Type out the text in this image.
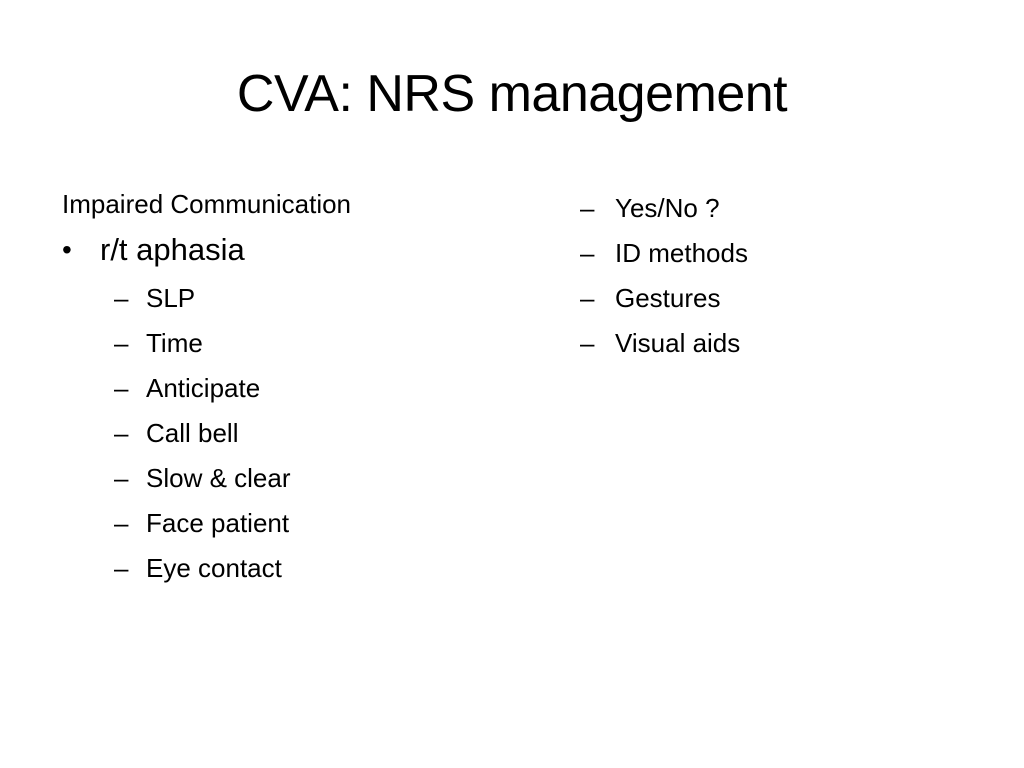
CVA: NRS management

Impaired Communication

• r/t aphasia
– SLP
– Time
– Anticipate
– Call bell
– Slow & clear
– Face patient
– Eye contact
– Yes/No ?
– ID methods
– Gestures
– Visual aids
